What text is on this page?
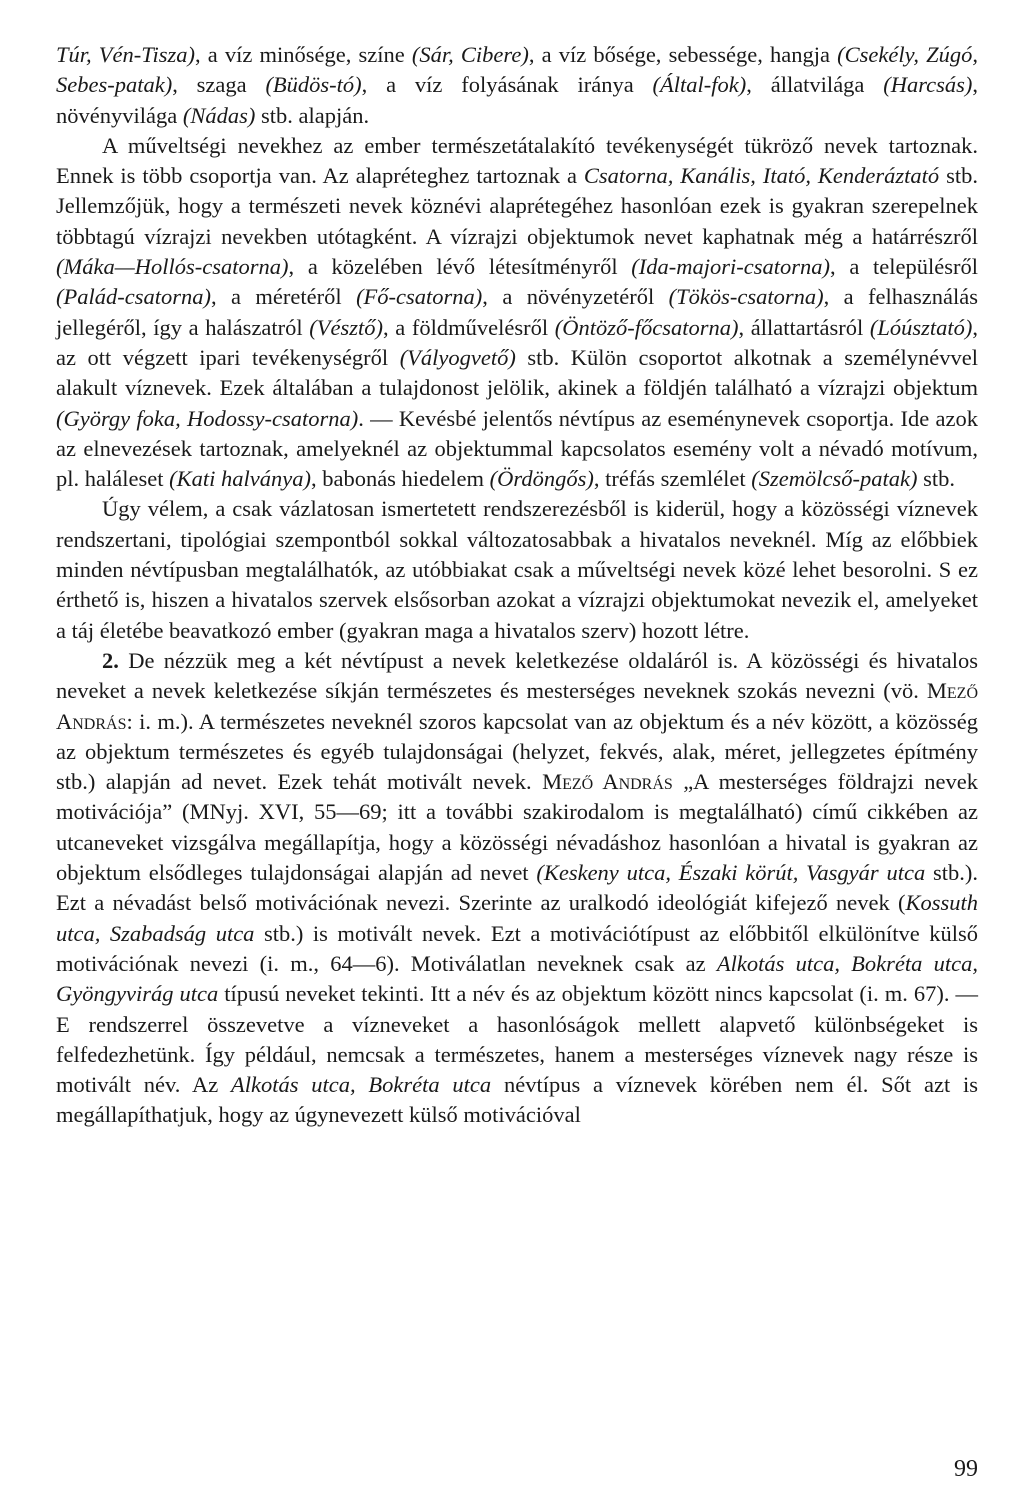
Túr, Vén-Tisza), a víz minősége, színe (Sár, Cibere), a víz bősége, sebessége, hangja (Csekély, Zúgó, Sebes-patak), szaga (Büdös-tó), a víz folyásának iránya (Által-fok), állatvilága (Harcsás), növényvilága (Nádas) stb. alapján.

A műveltségi nevekhez az ember természetátalakító tevékenységét tükröző nevek tartoznak. Ennek is több csoportja van. Az alapréteghez tartoznak a Csatorna, Kanális, Itató, Kenderáztató stb. Jellemzőjük, hogy a természeti nevek köznévi alaprétegéhez hasonlóan ezek is gyakran szerepelnek többtagú vízrajzi nevekben utótagként. A vízrajzi objektumok nevet kaphatnak még a határrészről (Máka—Hollós-csatorna), a közelében lévő létesítményről (Ida-majori-csatorna), a településről (Palád-csatorna), a méretéről (Fő-csatorna), a növényzetéről (Tökös-csatorna), a felhasználás jellegéről, így a halászatról (Vésztő), a földművelésről (Öntöző-főcsatorna), állattartásról (Lóúsztató), az ott végzett ipari tevékenységről (Vályogvető) stb. Külön csoportot alkotnak a személynévvel alakult víznevek. Ezek általában a tulajdonost jelölik, akinek a földjén található a vízrajzi objektum (György foka, Hodossy-csatorna). — Kevésbé jelentős névtípus az eseménynevek csoportja. Ide azok az elnevezések tartoznak, amelyeknél az objektummal kapcsolatos esemény volt a névadó motívum, pl. haláleset (Kati halványa), babonás hiedelem (Ördöngős), tréfás szemlélet (Szemölcső-patak) stb.

Úgy vélem, a csak vázlatosan ismertetett rendszerezésből is kiderül, hogy a közösségi víznevek rendszertani, tipológiai szempontból sokkal változatosabbak a hivatalos neveknél. Míg az előbbiek minden névtípusban megtalálhatók, az utóbbiakat csak a műveltségi nevek közé lehet besorolni. S ez érthető is, hiszen a hivatalos szervek elsősorban azokat a vízrajzi objektumokat nevezik el, amelyeket a táj életébe beavatkozó ember (gyakran maga a hivatalos szerv) hozott létre.

2. De nézzük meg a két névtípust a nevek keletkezése oldaláról is. A közösségi és hivatalos neveket a nevek keletkezése síkján természetes és mesterséges neveknek szokás nevezni (vö. Mező András: i. m.). A természetes neveknél szoros kapcsolat van az objektum és a név között, a közösség az objektum természetes és egyéb tulajdonságai (helyzet, fekvés, alak, méret, jellegzetes építmény stb.) alapján ad nevet. Ezek tehát motivált nevek. Mező András „A mesterséges földrajzi nevek motivációja” (MNyj. XVI, 55—69; itt a további szakirodalom is megtalálható) című cikkében az utcaneveket vizsgálva megállapítja, hogy a közösségi névadáshoz hasonlóan a hivatal is gyakran az objektum elsődleges tulajdonságai alapján ad nevet (Keskeny utca, Északi körút, Vasgyár utca stb.). Ezt a névadást belső motivációnak nevezi. Szerinte az uralkodó ideológiát kifejező nevek (Kossuth utca, Szabadság utca stb.) is motivált nevek. Ezt a motivációtípust az előbbitől elkülönítve külső motivációnak nevezi (i. m., 64—6). Motiválatlan neveknek csak az Alkotás utca, Bokréta utca, Gyöngyvirág utca típusú neveket tekinti. Itt a név és az objektum között nincs kapcsolat (i. m. 67). — E rendszerrel összevetve a vízneveket a hasonlóságok mellett alapvető különbségeket is felfedezhetünk. Így például, nemcsak a természetes, hanem a mesterséges víznevek nagy része is motivált név. Az Alkotás utca, Bokréta utca névtípus a víznevek körében nem él. Sőt azt is megállapíthatjuk, hogy az úgynevezett külső motivációval

99
